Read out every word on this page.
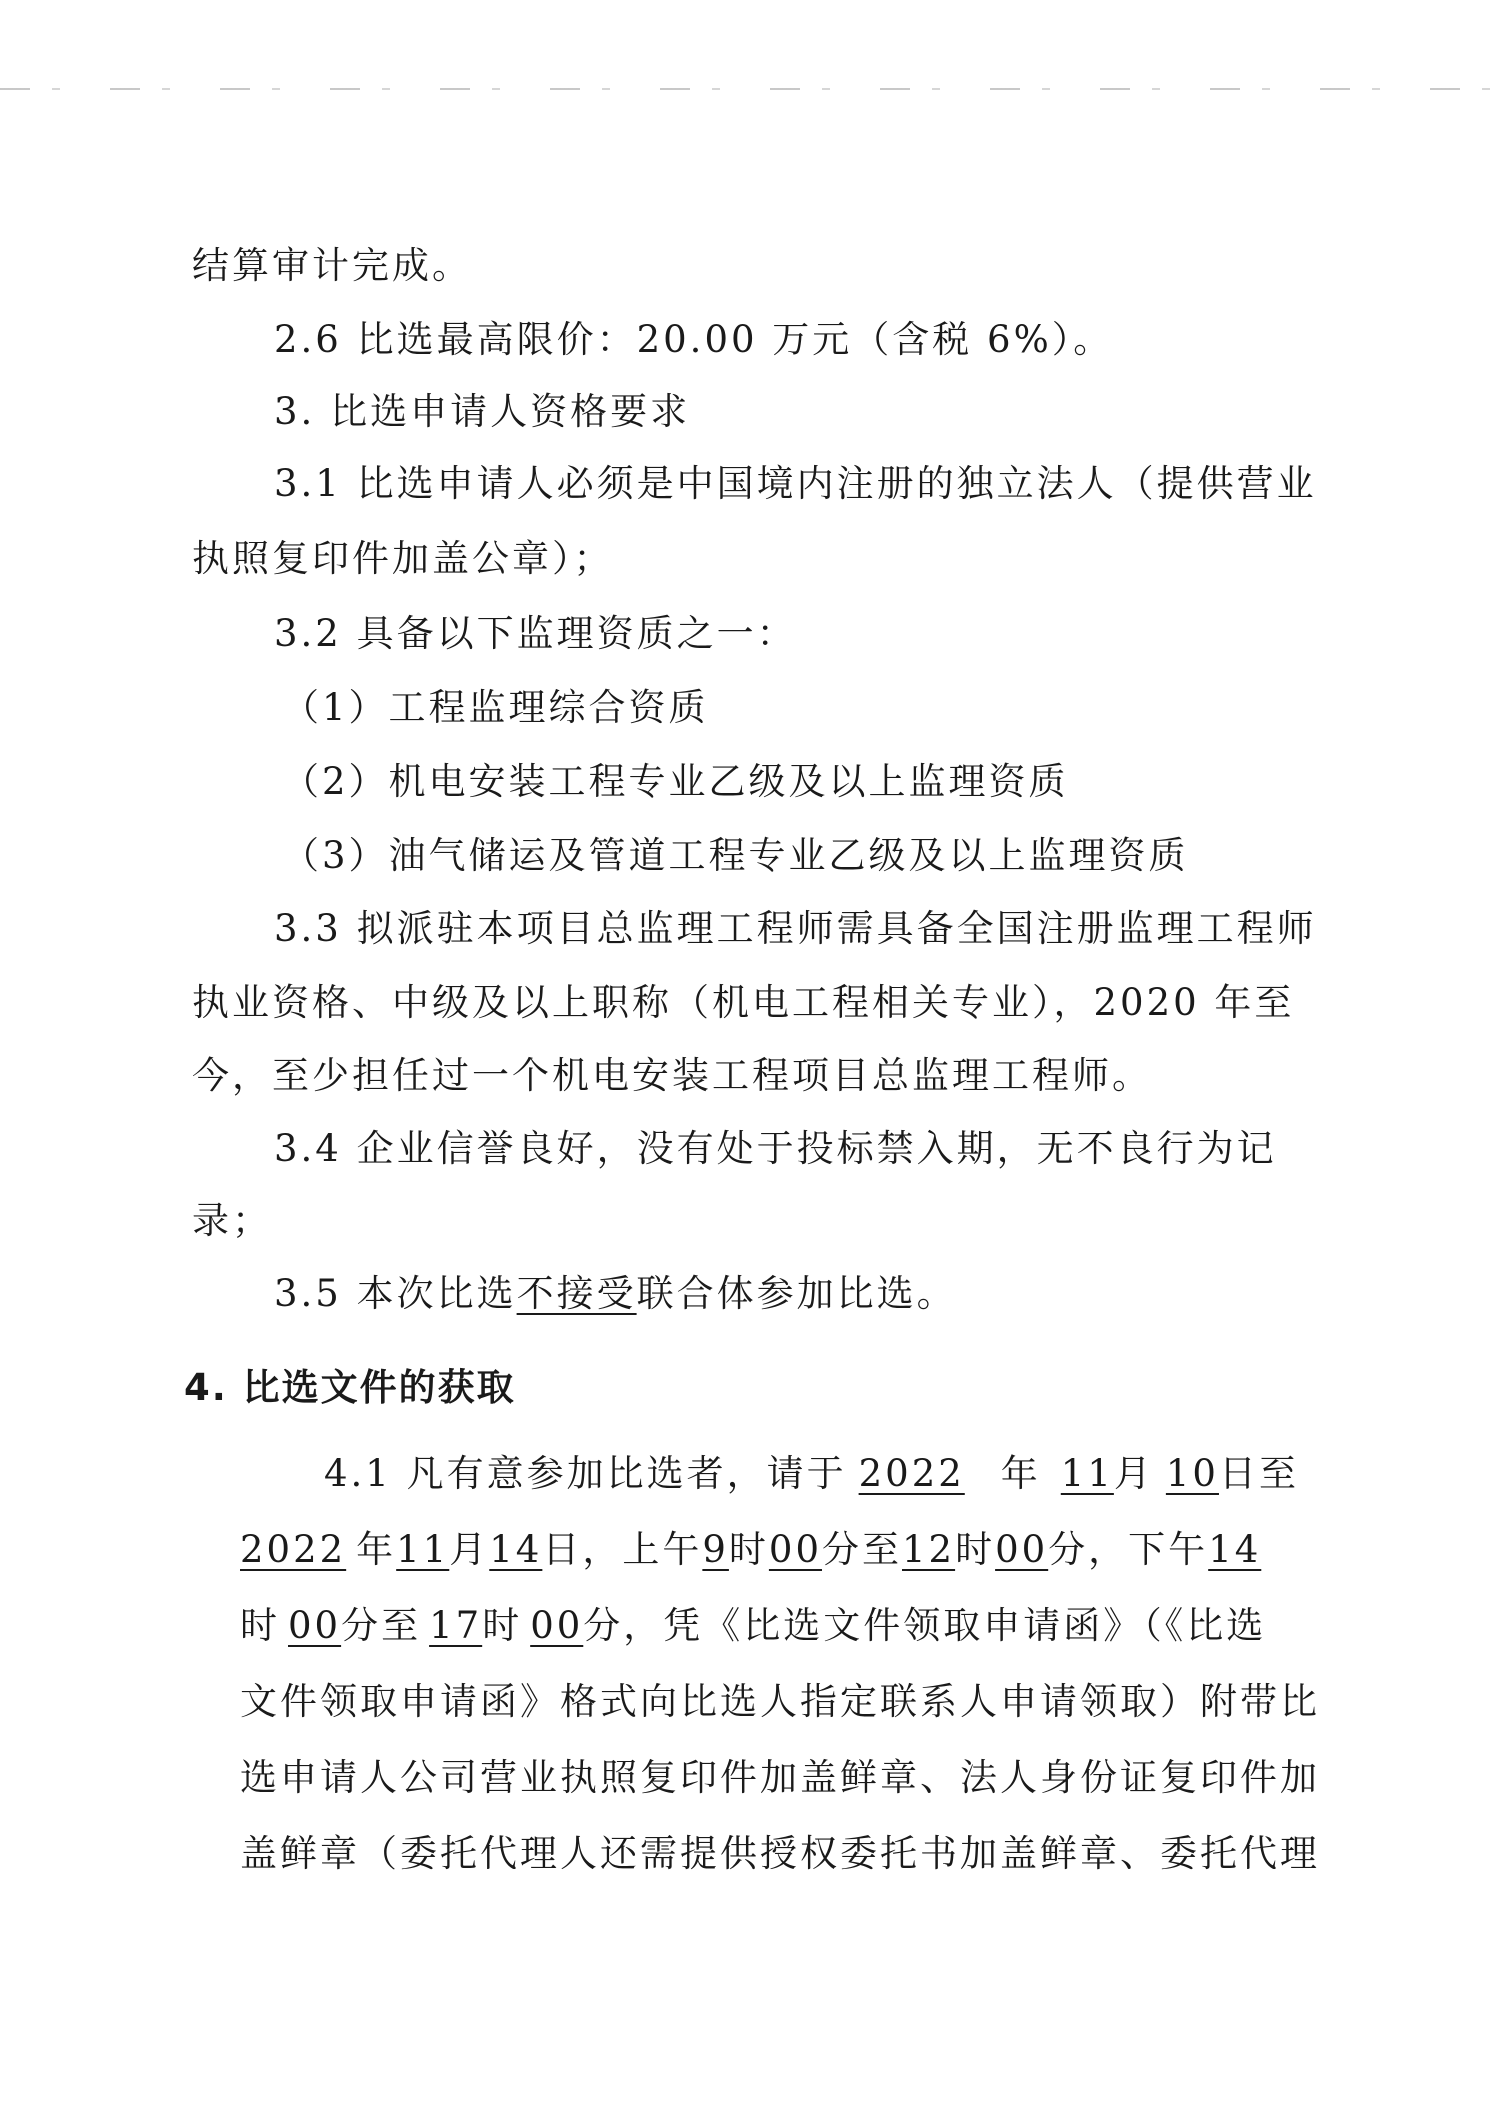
结算审计完成。
2.6 比选最高限价：20.00 万元（含税 6%）。
3. 比选申请人资格要求
3.1 比选申请人必须是中国境内注册的独立法人（提供营业
执照复印件加盖公章）；
3.2 具备以下监理资质之一：
（1）工程监理综合资质
（2）机电安装工程专业乙级及以上监理资质
（3）油气储运及管道工程专业乙级及以上监理资质
3.3 拟派驻本项目总监理工程师需具备全国注册监理工程师
执业资格、中级及以上职称（机电工程相关专业），2020 年至
今，至少担任过一个机电安装工程项目总监理工程师。
3.4 企业信誉良好，没有处于投标禁入期，无不良行为记
录；
3.5 本次比选不接受联合体参加比选。
4. 比选文件的获取
4.1 凡有意参加比选者，请于 2022 年 11月 10日至
2022 年11月14日，上午9时00分至12时00分，下午14
时 00分至 17时 00分，凭《比选文件领取申请函》（《比选
文件领取申请函》格式向比选人指定联系人申请领取）附带比
选申请人公司营业执照复印件加盖鲜章、法人身份证复印件加
盖鲜章（委托代理人还需提供授权委托书加盖鲜章、委托代理
